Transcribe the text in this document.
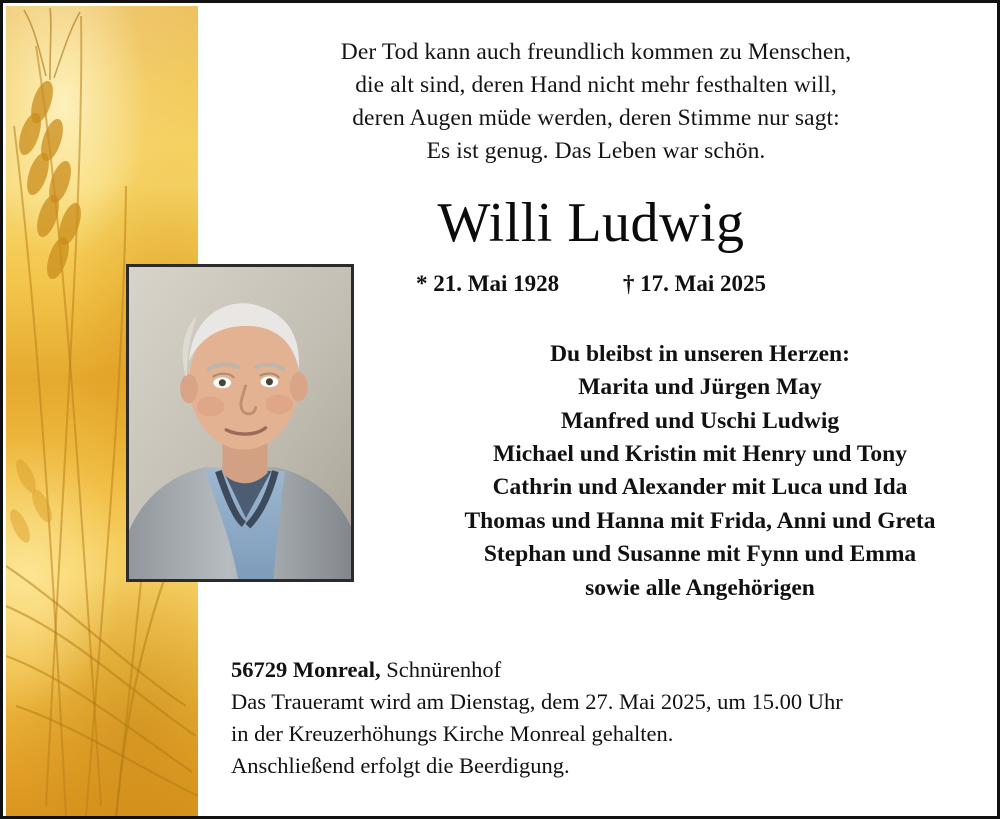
Der Tod kann auch freundlich kommen zu Menschen,
die alt sind, deren Hand nicht mehr festhalten will,
deren Augen müde werden, deren Stimme nur sagt:
Es ist genug. Das Leben war schön.
Willi Ludwig
* 21. Mai 1928	† 17. Mai 2025
Du bleibst in unseren Herzen:
Marita und Jürgen May
Manfred und Uschi Ludwig
Michael und Kristin mit Henry und Tony
Cathrin und Alexander mit Luca und Ida
Thomas und Hanna mit Frida, Anni und Greta
Stephan und Susanne mit Fynn und Emma
sowie alle Angehörigen
56729 Monreal, Schnürenhof
Das Traueramt wird am Dienstag, dem 27. Mai 2025, um 15.00 Uhr
in der Kreuzerhöhungs Kirche Monreal gehalten.
Anschließend erfolgt die Beerdigung.
